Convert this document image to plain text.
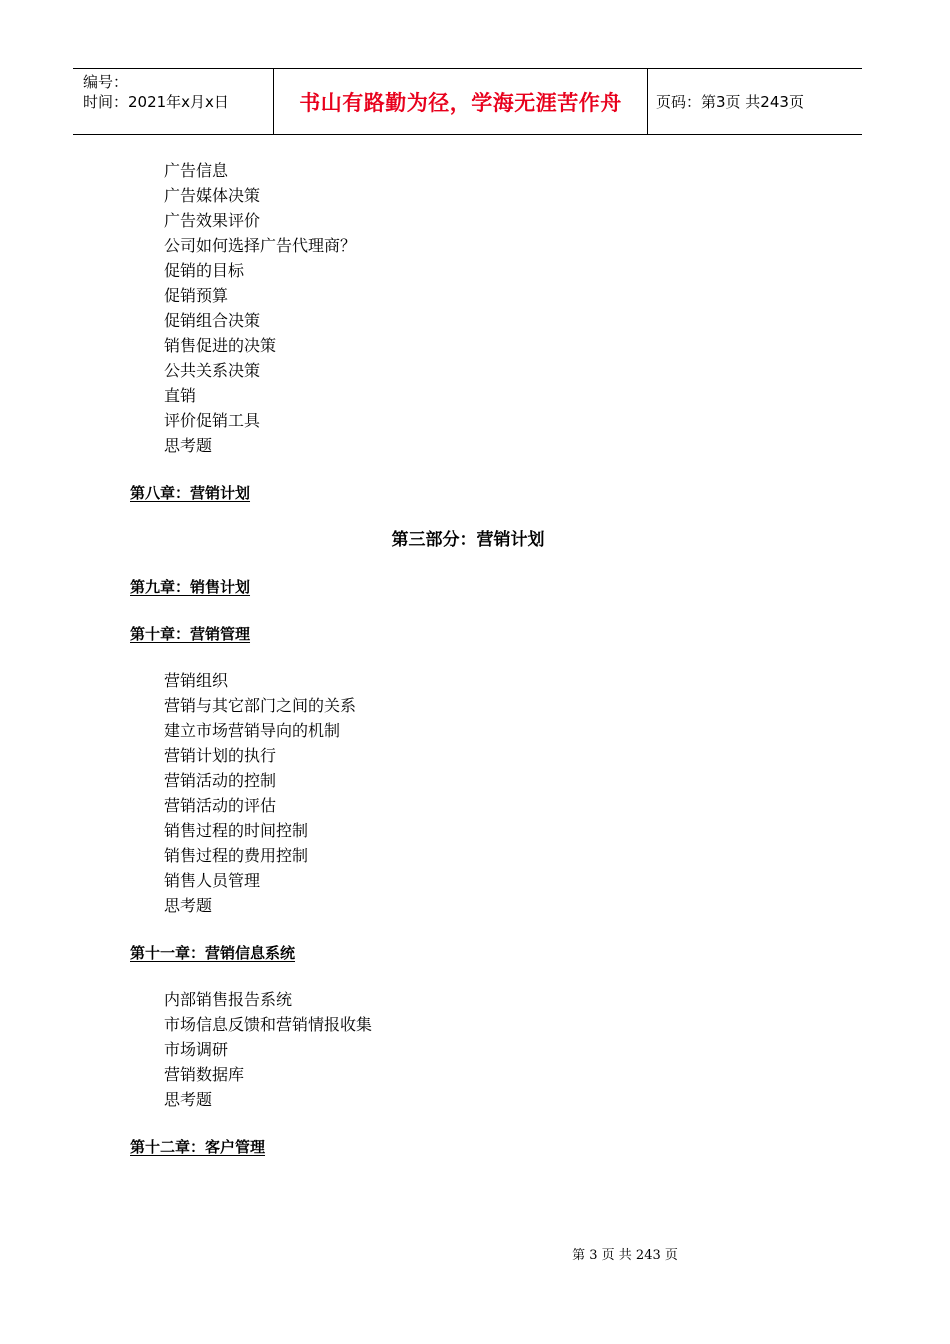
编号：
时间：2021年x月x日	书山有路勤为径，学海无涯苦作舟	页码：第3页 共243页
广告信息
广告媒体决策
广告效果评价
公司如何选择广告代理商？
促销的目标
促销预算
促销组合决策
销售促进的决策
公共关系决策
直销
评价促销工具
思考题
第八章：营销计划
第三部分：营销计划
第九章：销售计划
第十章：营销管理
营销组织
营销与其它部门之间的关系
建立市场营销导向的机制
营销计划的执行
营销活动的控制
营销活动的评估
销售过程的时间控制
销售过程的费用控制
销售人员管理
思考题
第十一章：营销信息系统
内部销售报告系统
市场信息反馈和营销情报收集
市场调研
营销数据库
思考题
第十二章：客户管理
第 3 页 共 243 页
